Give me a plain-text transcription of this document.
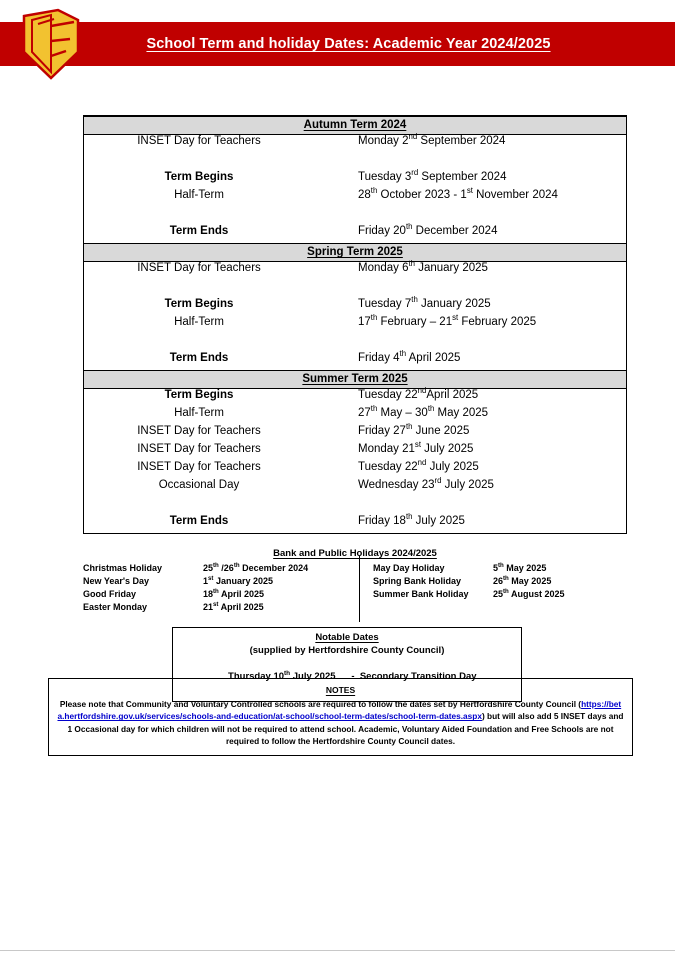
School Term and holiday Dates: Academic Year 2024/2025
Autumn Term 2024	
INSET Day for Teachers	Monday 2nd September 2024

Term Begins	Tuesday 3rd September 2024
Half-Term	28th October 2023 - 1st November 2024

Term Ends	Friday 20th December 2024
Spring Term 2025	
INSET Day for Teachers	Monday 6th January 2025

Term Begins	Tuesday 7th January 2025
Half-Term	17th February – 21st February 2025

Term Ends	Friday 4th April 2025
Summer Term 2025	
Term Begins	Tuesday 22ndApril 2025
Half-Term	27th May – 30th May 2025
INSET Day for Teachers	Friday 27th June 2025
INSET Day for Teachers	Monday 21st July 2025
INSET Day for Teachers	Tuesday 22nd July 2025
Occasional Day	Wednesday 23rd July 2025

Term Ends	Friday 18th July 2025
Bank and Public Holidays 2024/2025
Christmas Holiday	25th /26th December 2024
New Year's Day	1st January 2025
Good Friday	18th April 2025
Easter Monday	21st April 2025
May Day Holiday	5th May 2025
Spring Bank Holiday	26th May 2025
Summer Bank Holiday	25th August 2025
Notable Dates
(supplied by Hertfordshire County Council)

Thursday 10th July 2025 - Secondary Transition Day

NOTES
Please note that Community and Voluntary Controlled schools are required to follow the dates set by Hertfordshire County Council (https://beta.hertfordshire.gov.uk/services/schools-and-education/at-school/school-term-dates/school-term-dates.aspx) but will also add 5 INSET days and 1 Occasional day for which children will not be required to attend school. Academic, Voluntary Aided Foundation and Free Schools are not required to follow the Hertfordshire County Council dates.
